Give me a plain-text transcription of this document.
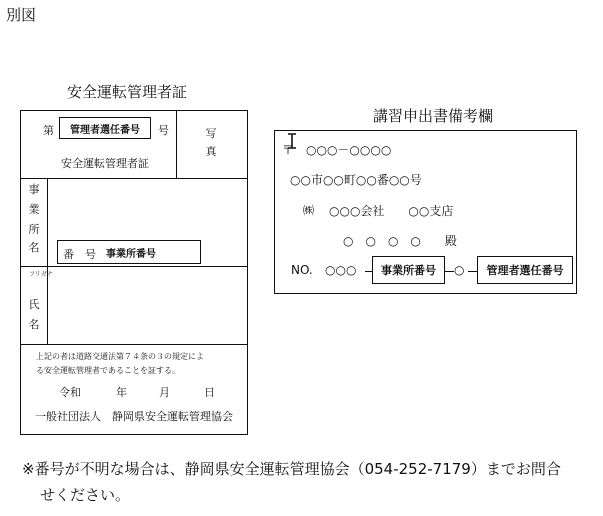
別図
安全運転管理者証
講習申出書備考欄
第	管理者選任番号	号
安全運転管理者証
写
真
事
業
所
名
番　号 事業所番号
フリガナ
氏
名
上記の者は道路交通法第７４条の３の規定によ
る安全運転管理者であることを証する。
令和	年	月	日
一般社団法人　静岡県安全運転管理協会
〒　○○○－○○○○
○○市○○町○○番○○号
㈱ ○○○会社　　○○支店
○　○　○　○　　殿
NO. ○○○	事業所番号	○	管理者選任番号
※番号が不明な場合は、静岡県安全運転管理協会（054-252-7179）までお問合
せください。
